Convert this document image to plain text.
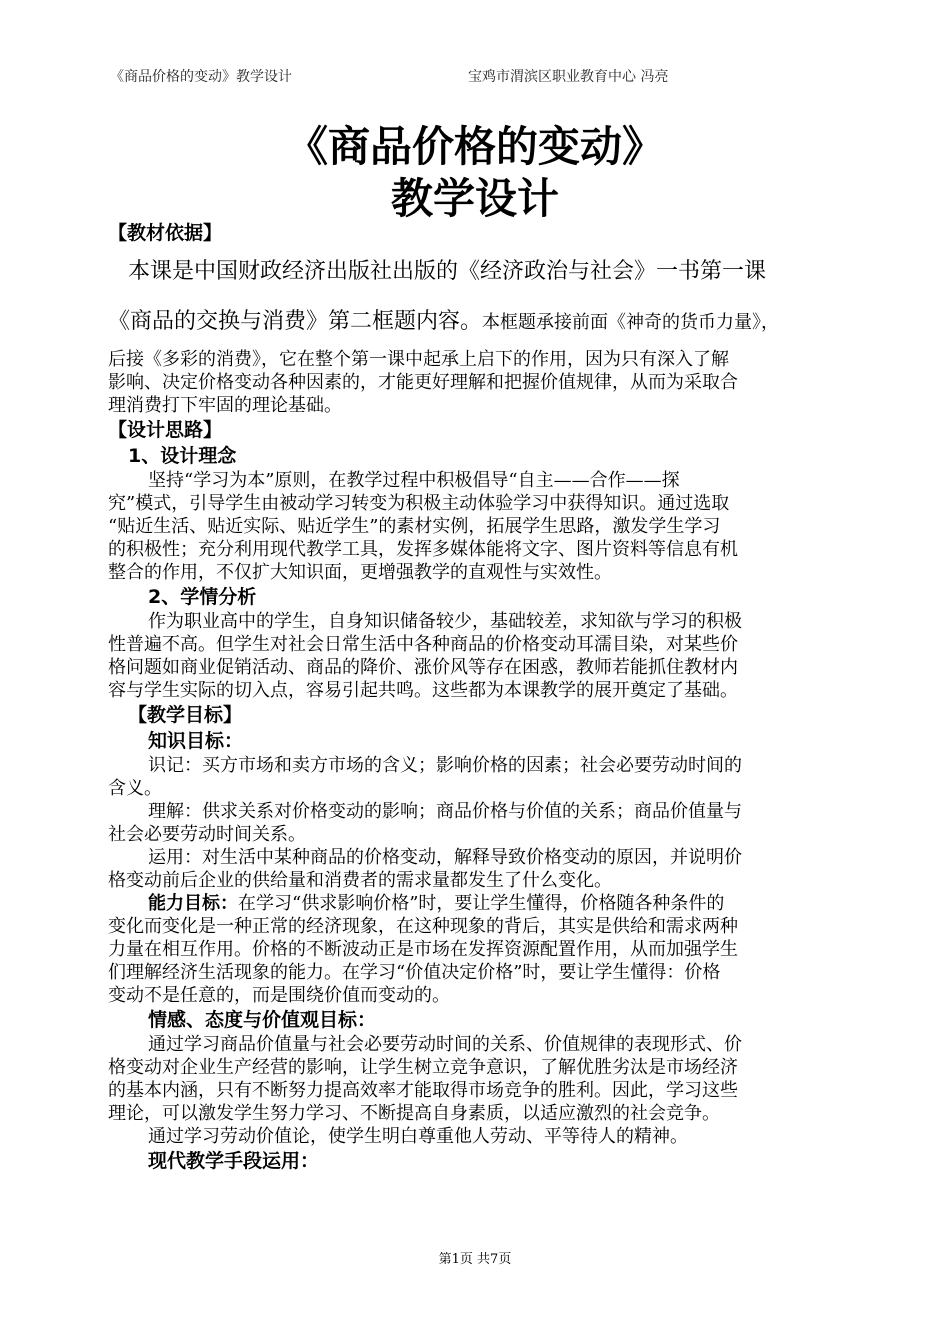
《商品价格的变动》教学设计	宝鸡市渭滨区职业教育中心 冯亮
《商品价格的变动》
教学设计
【教材依据】
本课是中国财政经济出版社出版的《经济政治与社会》一书第一课
《商品的交换与消费》第二框题内容。本框题承接前面《神奇的货币力量》，
后接《多彩的消费》，它在整个第一课中起承上启下的作用，因为只有深入了解
影响、决定价格变动各种因素的，才能更好理解和把握价值规律，从而为采取合
理消费打下牢固的理论基础。
【设计思路】
1、设计理念
坚持“学习为本”原则，在教学过程中积极倡导“自主——合作——探
究”模式，引导学生由被动学习转变为积极主动体验学习中获得知识。通过选取
“贴近生活、贴近实际、贴近学生”的素材实例，拓展学生思路，激发学生学习
的积极性；充分利用现代教学工具，发挥多媒体能将文字、图片资料等信息有机
整合的作用，不仅扩大知识面，更增强教学的直观性与实效性。
2、学情分析
作为职业高中的学生，自身知识储备较少，基础较差，求知欲与学习的积极
性普遍不高。但学生对社会日常生活中各种商品的价格变动耳濡目染，对某些价
格问题如商业促销活动、商品的降价、涨价风等存在困惑，教师若能抓住教材内
容与学生实际的切入点，容易引起共鸣。这些都为本课教学的展开奠定了基础。
【教学目标】
知识目标：
识记：买方市场和卖方市场的含义；影响价格的因素；社会必要劳动时间的
含义。
理解：供求关系对价格变动的影响；商品价格与价值的关系；商品价值量与
社会必要劳动时间关系。
运用：对生活中某种商品的价格变动，解释导致价格变动的原因，并说明价
格变动前后企业的供给量和消费者的需求量都发生了什么变化。
能力目标：在学习“供求影响价格”时，要让学生懂得，价格随各种条件的
变化而变化是一种正常的经济现象，在这种现象的背后，其实是供给和需求两种
力量在相互作用。价格的不断波动正是市场在发挥资源配置作用，从而加强学生
们理解经济生活现象的能力。在学习“价值决定价格”时，要让学生懂得：价格
变动不是任意的，而是围绕价值而变动的。
情感、态度与价值观目标：
通过学习商品价值量与社会必要劳动时间的关系、价值规律的表现形式、价
格变动对企业生产经营的影响，让学生树立竞争意识，了解优胜劣汰是市场经济
的基本内涵，只有不断努力提高效率才能取得市场竞争的胜利。因此，学习这些
理论，可以激发学生努力学习、不断提高自身素质，以适应激烈的社会竞争。
通过学习劳动价值论，使学生明白尊重他人劳动、平等待人的精神。
现代教学手段运用：
第1页 共7页
